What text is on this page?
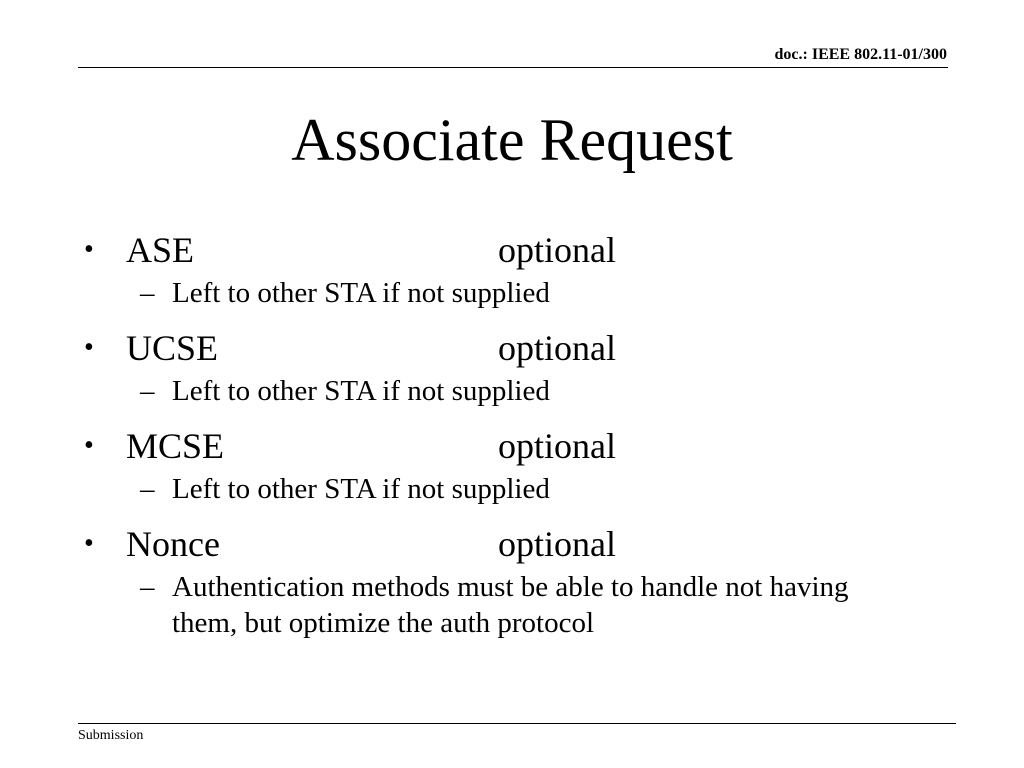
doc.: IEEE 802.11-01/300
Associate Request
• ASE	optional
– Left to other STA if not supplied
• UCSE	optional
– Left to other STA if not supplied
• MCSE	optional
– Left to other STA if not supplied
• Nonce	optional
– Authentication methods must be able to handle not having them, but optimize the auth protocol
Submission
